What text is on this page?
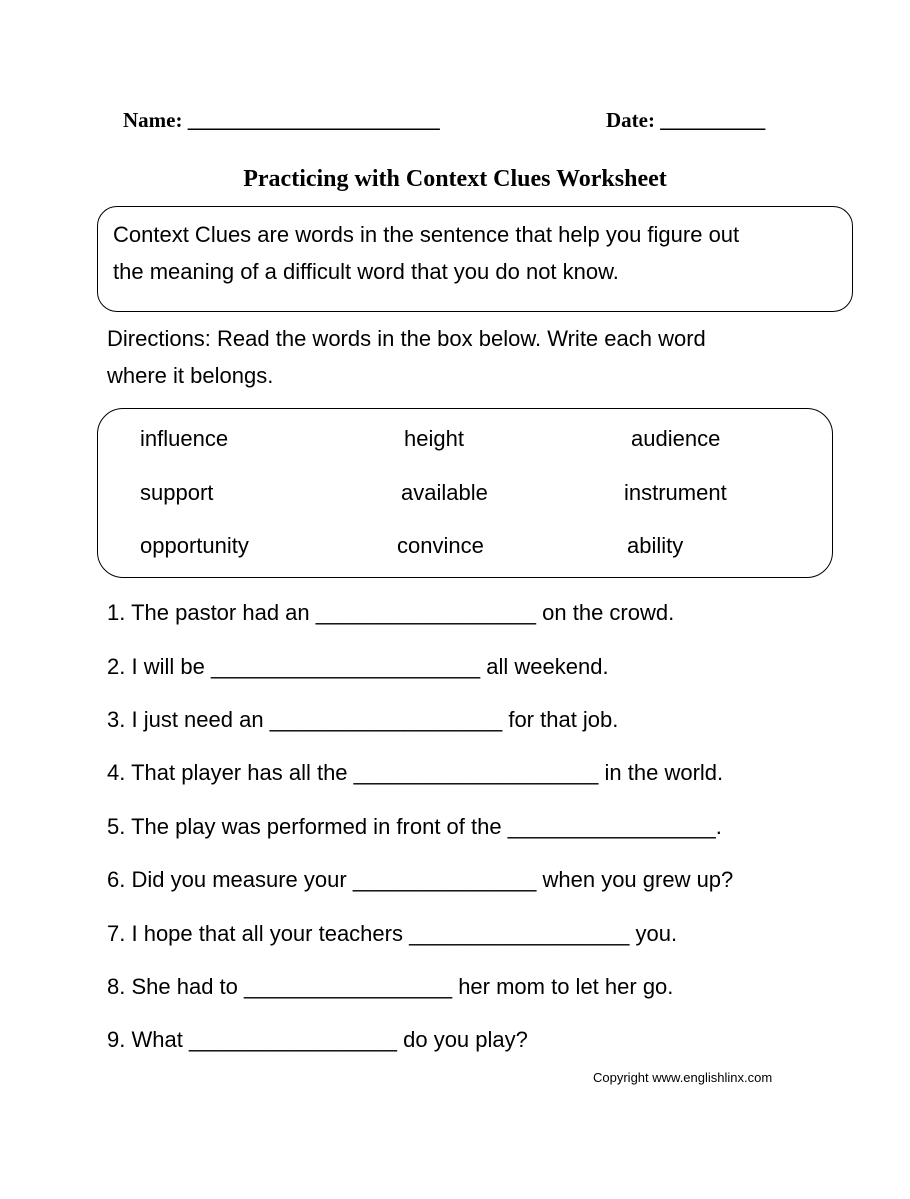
Name: ________________________	Date: __________
Practicing with Context Clues Worksheet
Context Clues are words in the sentence that help you figure out
the meaning of a difficult word that you do not know.
Directions: Read the words in the box below. Write each word
where it belongs.
influence	height	audience
support	available	instrument
opportunity	convince	ability
1. The pastor had an __________________ on the crowd.
2. I will be ______________________ all weekend.
3. I just need an ___________________ for that job.
4. That player has all the ____________________ in the world.
5. The play was performed in front of the _________________.
6. Did you measure your _______________ when you grew up?
7. I hope that all your teachers __________________ you.
8. She had to _________________ her mom to let her go.
9. What _________________ do you play?
Copyright www.englishlinx.com
